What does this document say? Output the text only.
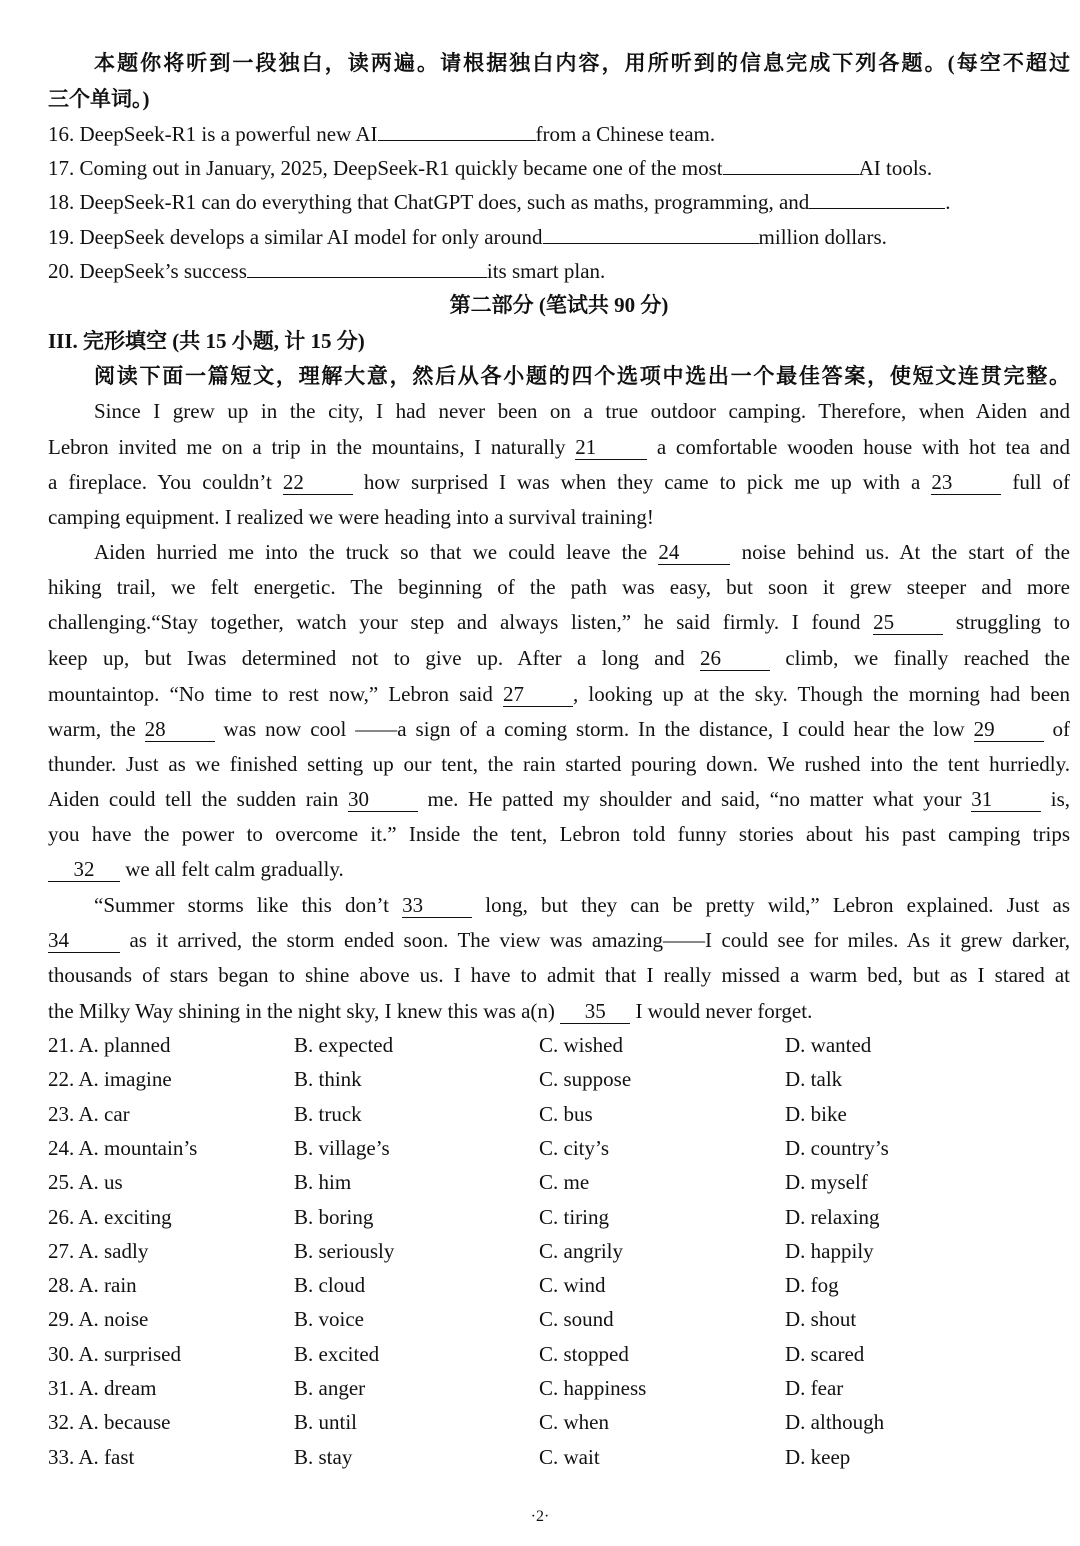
本题你将听到一段独白，读两遍。请根据独白内容，用所听到的信息完成下列各题。(每空不超过
三个单词。)
16. DeepSeek-R1 is a powerful new AI	from a Chinese team.
17. Coming out in January, 2025, DeepSeek-R1 quickly became one of the most	AI tools.
18. DeepSeek-R1 can do everything that ChatGPT does, such as maths, programming, and	.
19. DeepSeek develops a similar AI model for only around	million dollars.
20. DeepSeek’s success	its smart plan.
第二部分 (笔试共 90 分)
III. 完形填空 (共 15 小题, 计 15 分)
阅读下面一篇短文，理解大意，然后从各小题的四个选项中选出一个最佳答案，使短文连贯完整。
Since I grew up in the city, I had never been on a true outdoor camping. Therefore, when Aiden and
Lebron invited me on a trip in the mountains, I naturally 21	a comfortable wooden house with hot tea and
a fireplace. You couldn’t 22	how surprised I was when they came to pick me up with a 23	full of
camping equipment. I realized we were heading into a survival training!
Aiden hurried me into the truck so that we could leave the 24	noise behind us. At the start of the
hiking trail, we felt energetic. The beginning of the path was easy, but soon it grew steeper and more
challenging.“Stay together, watch your step and always listen,” he said firmly. I found 25	struggling to
keep up, but Iwas determined not to give up. After a long and 26	climb, we finally reached the
mountaintop. “No time to rest now,” Lebron said 27 , looking up at the sky. Though the morning had been
warm, the 28	was now cool ——a sign of a coming storm. In the distance, I could hear the low 29	of
thunder. Just as we finished setting up our tent, the rain started pouring down. We rushed into the tent hurriedly.
Aiden could tell the sudden rain 30	me. He patted my shoulder and said, “no matter what your 31	is,
you have the power to overcome it.” Inside the tent, Lebron told funny stories about his past camping trips
32 we all felt calm gradually.
“Summer storms like this don’t 33	long, but they can be pretty wild,” Lebron explained. Just as
34	as it arrived, the storm ended soon. The view was amazing——I could see for miles. As it grew darker,
thousands of stars began to shine above us. I have to admit that I really missed a warm bed, but as I stared at
the Milky Way shining in the night sky, I knew this was a(n) 35 I would never forget.
21. A. planned	B. expected	C. wished	D. wanted
22. A. imagine	B. think	C. suppose	D. talk
23. A. car	B. truck	C. bus	D. bike
24. A. mountain’s	B. village’s	C. city’s	D. country’s
25. A. us	B. him	C. me	D. myself
26. A. exciting	B. boring	C. tiring	D. relaxing
27. A. sadly	B. seriously	C. angrily	D. happily
28. A. rain	B. cloud	C. wind	D. fog
29. A. noise	B. voice	C. sound	D. shout
30. A. surprised	B. excited	C. stopped	D. scared
31. A. dream	B. anger	C. happiness	D. fear
32. A. because	B. until	C. when	D. although
33. A. fast	B. stay	C. wait	D. keep
·2·
